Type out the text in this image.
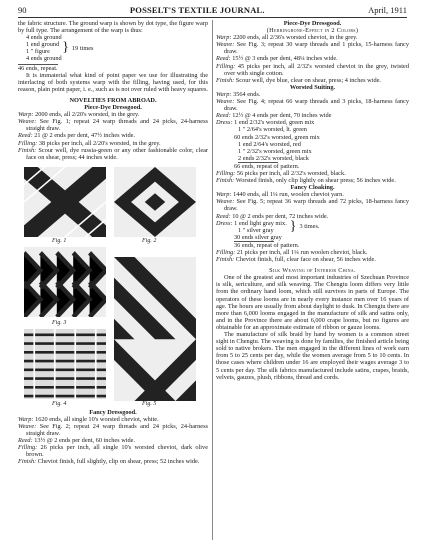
90	POSSELT'S TEXTILE JOURNAL.	April, 1911

the fabric structure. The ground warp is shown by dot type, the figure warp by full type. The arrangement of the warp is thus:

4 ends ground

1 end ground
1 " figure } 19 times

4 ends ground

46 ends, repeat.

It is immaterial what kind of point paper we use for illustrating the interlacing of both systems warp with the filling, having used, for this reason, plain point paper, i. e., such as is not over ruled with heavy squares.

NOVELTIES FROM ABROAD.

Piece-Dye Dressgood.

Warp: 2000 ends, all 2/20's worsted, in the grey.

Weave: See Fig. 1; repeat 24 warp threads and 24 picks, 24-harness straight draw.

Reed: 21 @ 2 ends per dent, 47½ inches wide.

Filling: 38 picks per inch, all 2/20's worsted, in the grey.

Finish: Scour well, dye russia-green or any other fashionable color, clear face on shear, press; 44 inches wide.

Fig. 1	Fig. 2
Fig. 3
Fig. 4	Fig. 5

Fancy Dressgood.

Warp: 1620 ends, all single 10's worsted cheviot, white.

Weave: See Fig. 2; repeat 24 warp threads and 24 picks, 24-harness straight draw.

Reed: 13½ @ 2 ends per dent, 60 inches wide.

Filling: 26 picks per inch, all single 10's worsted cheviot, dark olive brown.

Finish: Cheviot finish, full slightly, clip on shear, press; 52 inches wide.

Piece-Dye Dressgood.

(Herringbone-Effect in 2 Colors)

Warp: 2200 ends, all 2/36's worsted cheviot, in the grey.

Weave: See Fig. 3; repeat 30 warp threads and 1 picks, 15-harness fancy draw.

Reed: 15½ @ 3 ends per dent, 48¼ inches wide.

Filling: 45 picks per inch, all 2/32's worsted cheviot in the grey, twisted over with single cotton.

Finish: Scour well, dye blue, clear on shear, press; 4 inches wide.

Worsted Suiting.

Warp: 3564 ends.

Weave: See Fig. 4; repeat 66 warp threads and 3 picks, 18-harness fancy draw.

Reed: 12½ @ 4 ends per dent, 70 inches wide

Dress: 1 end 2/32's worsted, green mix

1 " 2/64's worsted, lt. green

60 ends 2/32's worsted, green mix

1 end 2/64's worsted, red

1 " 2/32's worsted, green mix

2 ends 2/32's worsted, black

66 ends, repeat of pattern.

Filling: 56 picks per inch, all 2/32's worsted, black.

Finish: Worsted finish, only clip lightly on shear press; 56 inches wide.

Fancy Cloaking.

Warp: 1440 ends, all 1¼ run, woolen cheviot yarn.

Weave: See Fig. 5; repeat 36 warp threads and 72 picks, 18-harness fancy draw.

Reed: 10 @ 2 ends per dent, 72 inches wide.

Dress: 1 end light gray mix.
1 " silver gray	} 3 times.

30 ends silver gray

36 ends, repeat of pattern.

Filling: 21 picks per inch, all 1¼ run woolen cheviot, black.

Finish: Cheviot finish, full, clear face on shear, 56 inches wide.

Silk Weaving of Interior China.

One of the greatest and most important industries of Szechuan Province is silk, sericulture, and silk weaving. The Chengtu loom differs very little from the ordinary hand loom, which still survives in parts of Europe. The operators of these looms are in nearly every instance men over 16 years of age. The hours are usually from about daylight to dusk. In Chengtu there are more than 6,000 looms engaged in the manufacture of silk and satins only, and in the Province there are about 6,000 crape looms, but no figures are obtainable for an approximate estimate of ribbon or gauze looms.

The manufacture of silk braid by hand by women is a common street sight in Chengtu. The weaving is done by families, the finished article being sold to native brokers. The men engaged in the different lines of work earn from 5 to 25 cents per day, while the women average from 5 to 10 cents. In those cases where children under 16 are employed their wages average 3 to 5 cents per day. The silk fabrics manufactured include satins, crapes, braids, velvets, gauzes, plush, ribbons, thread and cords.
